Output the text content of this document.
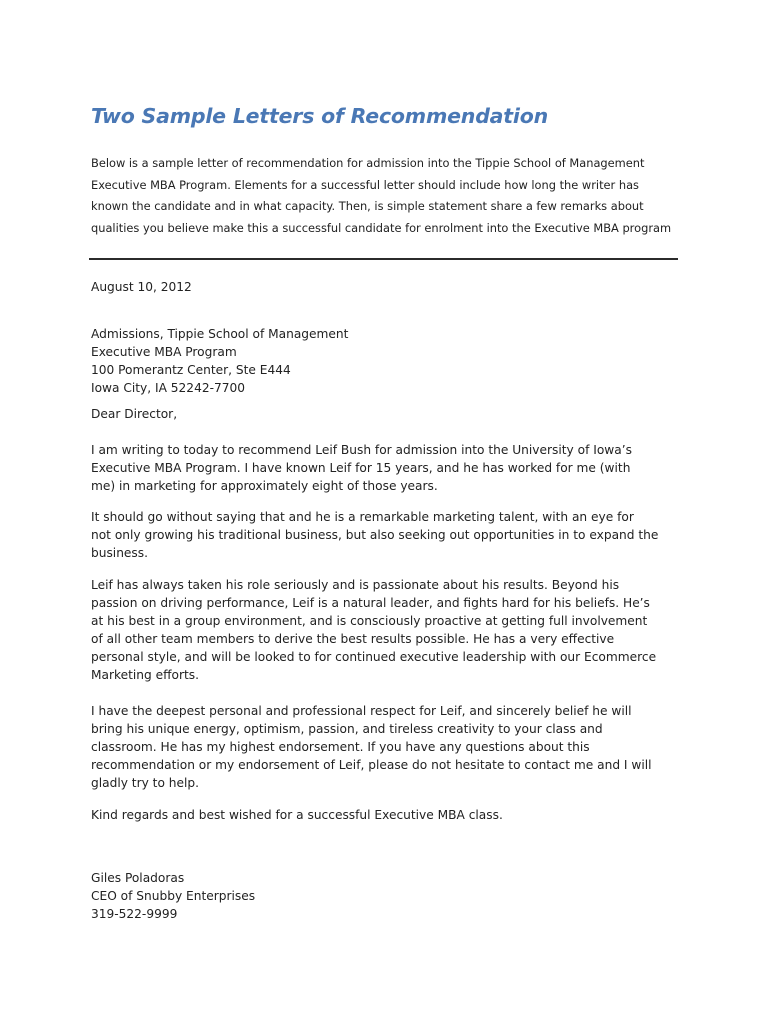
Two Sample Letters of Recommendation
Below is a sample letter of recommendation for admission into the Tippie School of Management
Executive MBA Program. Elements for a successful letter should include how long the writer has
known the candidate and in what capacity. Then, is simple statement share a few remarks about
qualities you believe make this a successful candidate for enrolment into the Executive MBA program
August 10, 2012
Admissions, Tippie School of Management
Executive MBA Program
100 Pomerantz Center, Ste E444
Iowa City, IA 52242-7700
Dear Director,
I am writing to today to recommend Leif Bush for admission into the University of Iowa’s
Executive MBA Program. I have known Leif for 15 years, and he has worked for me (with
me) in marketing for approximately eight of those years.
It should go without saying that and he is a remarkable marketing talent, with an eye for
not only growing his traditional business, but also seeking out opportunities in to expand the
business.
Leif has always taken his role seriously and is passionate about his results. Beyond his
passion on driving performance, Leif is a natural leader, and fights hard for his beliefs. He’s
at his best in a group environment, and is consciously proactive at getting full involvement
of all other team members to derive the best results possible. He has a very effective
personal style, and will be looked to for continued executive leadership with our Ecommerce
Marketing efforts.
I have the deepest personal and professional respect for Leif, and sincerely belief he will
bring his unique energy, optimism, passion, and tireless creativity to your class and
classroom. He has my highest endorsement. If you have any questions about this
recommendation or my endorsement of Leif, please do not hesitate to contact me and I will
gladly try to help.
Kind regards and best wished for a successful Executive MBA class.
Giles Poladoras
CEO of Snubby Enterprises
319-522-9999
